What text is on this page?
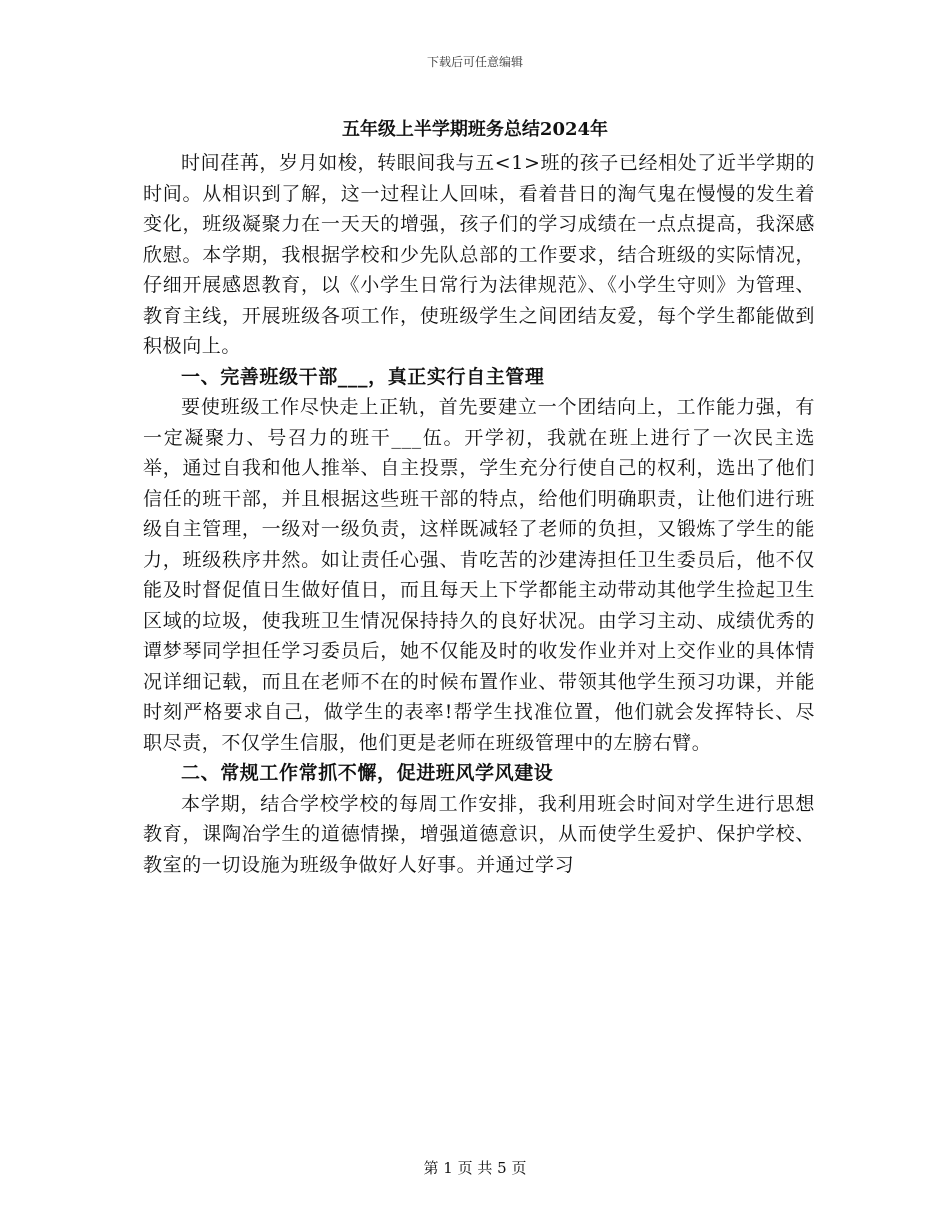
下载后可任意编辑
五年级上半学期班务总结2024年

时间荏苒，岁月如梭，转眼间我与五<1>班的孩子已经相处了近半学期的时间。从相识到了解，这一过程让人回味，看着昔日的淘气鬼在慢慢的发生着变化，班级凝聚力在一天天的增强，孩子们的学习成绩在一点点提高，我深感欣慰。本学期，我根据学校和少先队总部的工作要求，结合班级的实际情况，仔细开展感恩教育，以《小学生日常行为法律规范》、《小学生守则》为管理、教育主线，开展班级各项工作，使班级学生之间团结友爱，每个学生都能做到积极向上。

一、完善班级干部___，真正实行自主管理

要使班级工作尽快走上正轨，首先要建立一个团结向上，工作能力强，有一定凝聚力、号召力的班干___伍。开学初，我就在班上进行了一次民主选举，通过自我和他人推举、自主投票，学生充分行使自己的权利，选出了他们信任的班干部，并且根据这些班干部的特点，给他们明确职责，让他们进行班级自主管理，一级对一级负责，这样既减轻了老师的负担，又锻炼了学生的能力，班级秩序井然。如让责任心强、肯吃苦的沙建涛担任卫生委员后，他不仅能及时督促值日生做好值日，而且每天上下学都能主动带动其他学生捡起卫生区域的垃圾，使我班卫生情况保持持久的良好状况。由学习主动、成绩优秀的谭梦琴同学担任学习委员后，她不仅能及时的收发作业并对上交作业的具体情况详细记载，而且在老师不在的时候布置作业、带领其他学生预习功课，并能时刻严格要求自己，做学生的表率!帮学生找准位置，他们就会发挥特长、尽职尽责，不仅学生信服，他们更是老师在班级管理中的左膀右臂。

二、常规工作常抓不懈，促进班风学风建设

本学期，结合学校学校的每周工作安排，我利用班会时间对学生进行思想教育，课陶冶学生的道德情操，增强道德意识，从而使学生爱护、保护学校、教室的一切设施为班级争做好人好事。并通过学习

第 1 页 共 5 页
